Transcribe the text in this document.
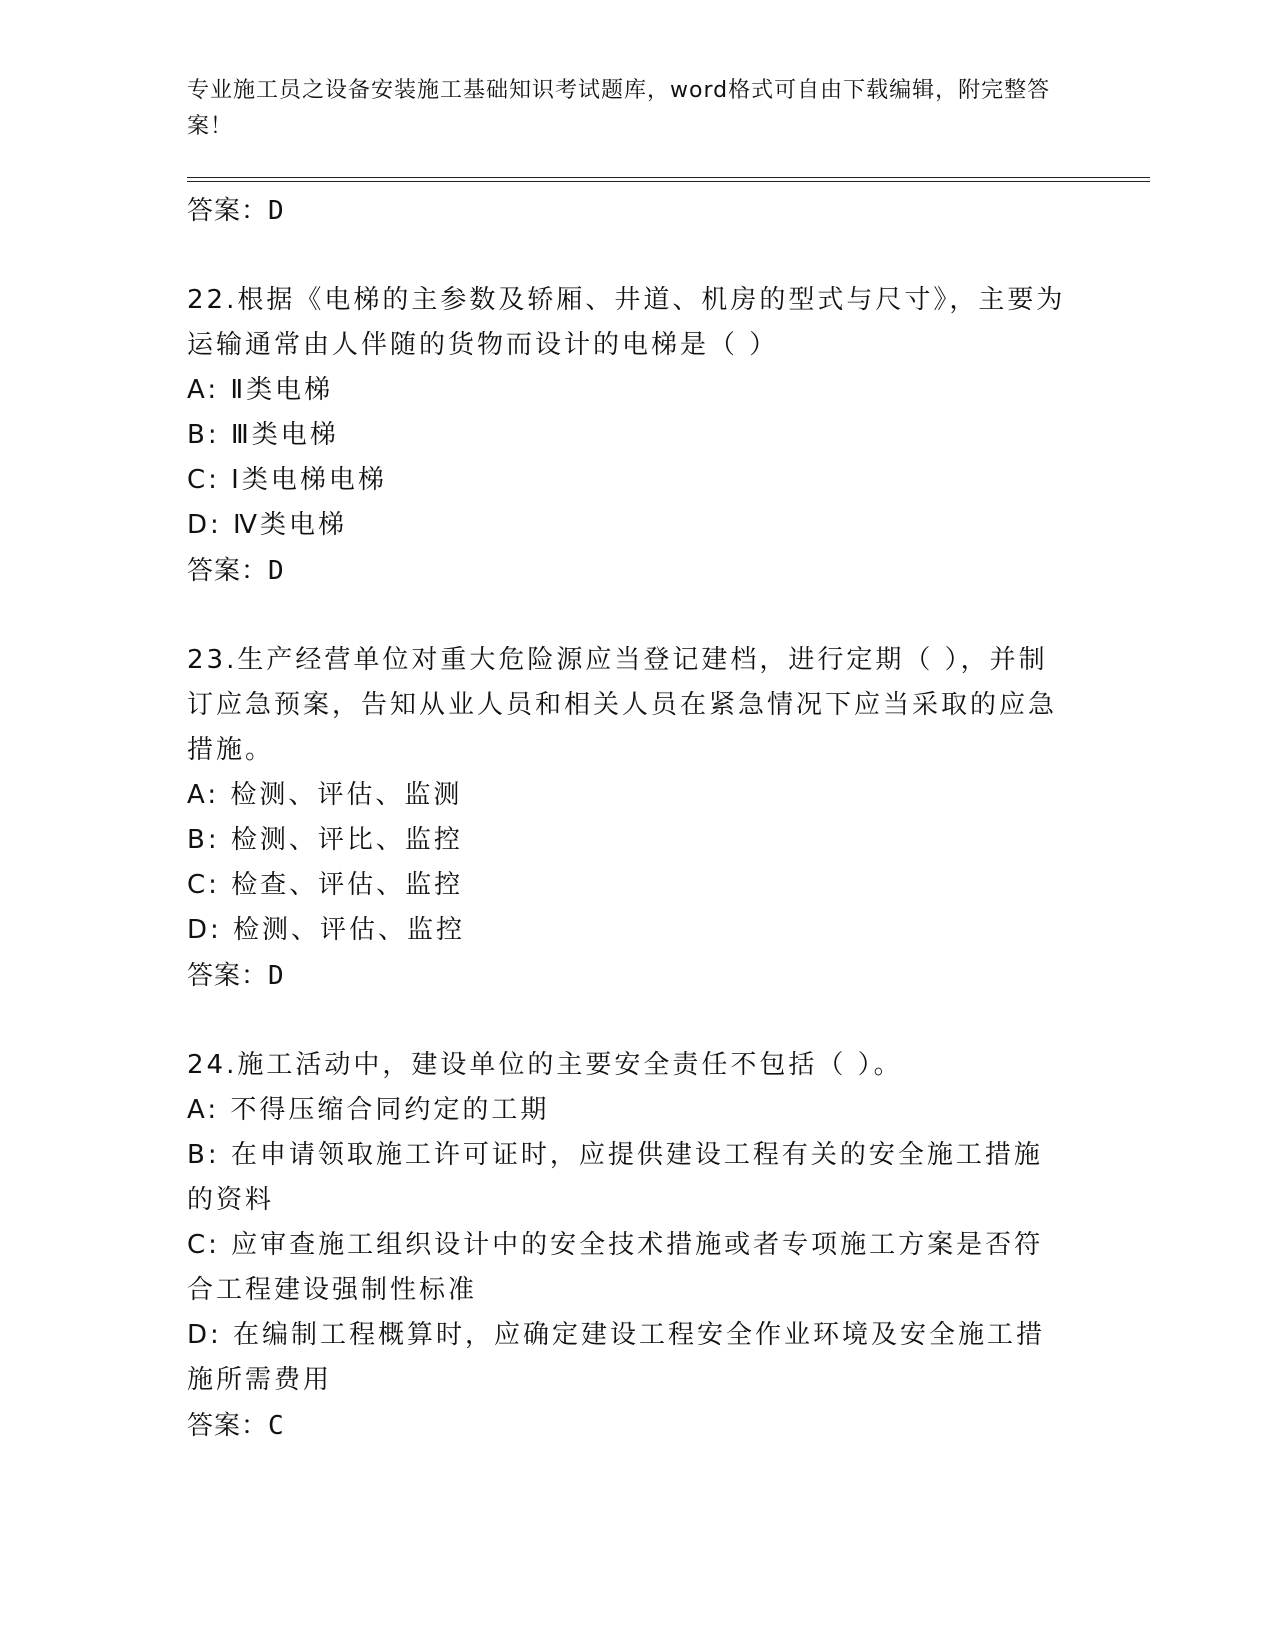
专业施工员之设备安装施工基础知识考试题库，word格式可自由下载编辑，附完整答案！
答案：D
22.根据《电梯的主参数及轿厢、井道、机房的型式与尺寸》，主要为运输通常由人伴随的货物而设计的电梯是（ ）
A: Ⅱ类电梯
B: Ⅲ类电梯
C: Ⅰ类电梯电梯
D: Ⅳ类电梯
答案：D
23.生产经营单位对重大危险源应当登记建档，进行定期（ ），并制订应急预案，告知从业人员和相关人员在紧急情况下应当采取的应急措施。
A: 检测、评估、监测
B: 检测、评比、监控
C: 检查、评估、监控
D: 检测、评估、监控
答案：D
24.施工活动中，建设单位的主要安全责任不包括（ ）。
A: 不得压缩合同约定的工期
B: 在申请领取施工许可证时，应提供建设工程有关的安全施工措施的资料
C: 应审查施工组织设计中的安全技术措施或者专项施工方案是否符合工程建设强制性标准
D: 在编制工程概算时，应确定建设工程安全作业环境及安全施工措施所需费用
答案：C
